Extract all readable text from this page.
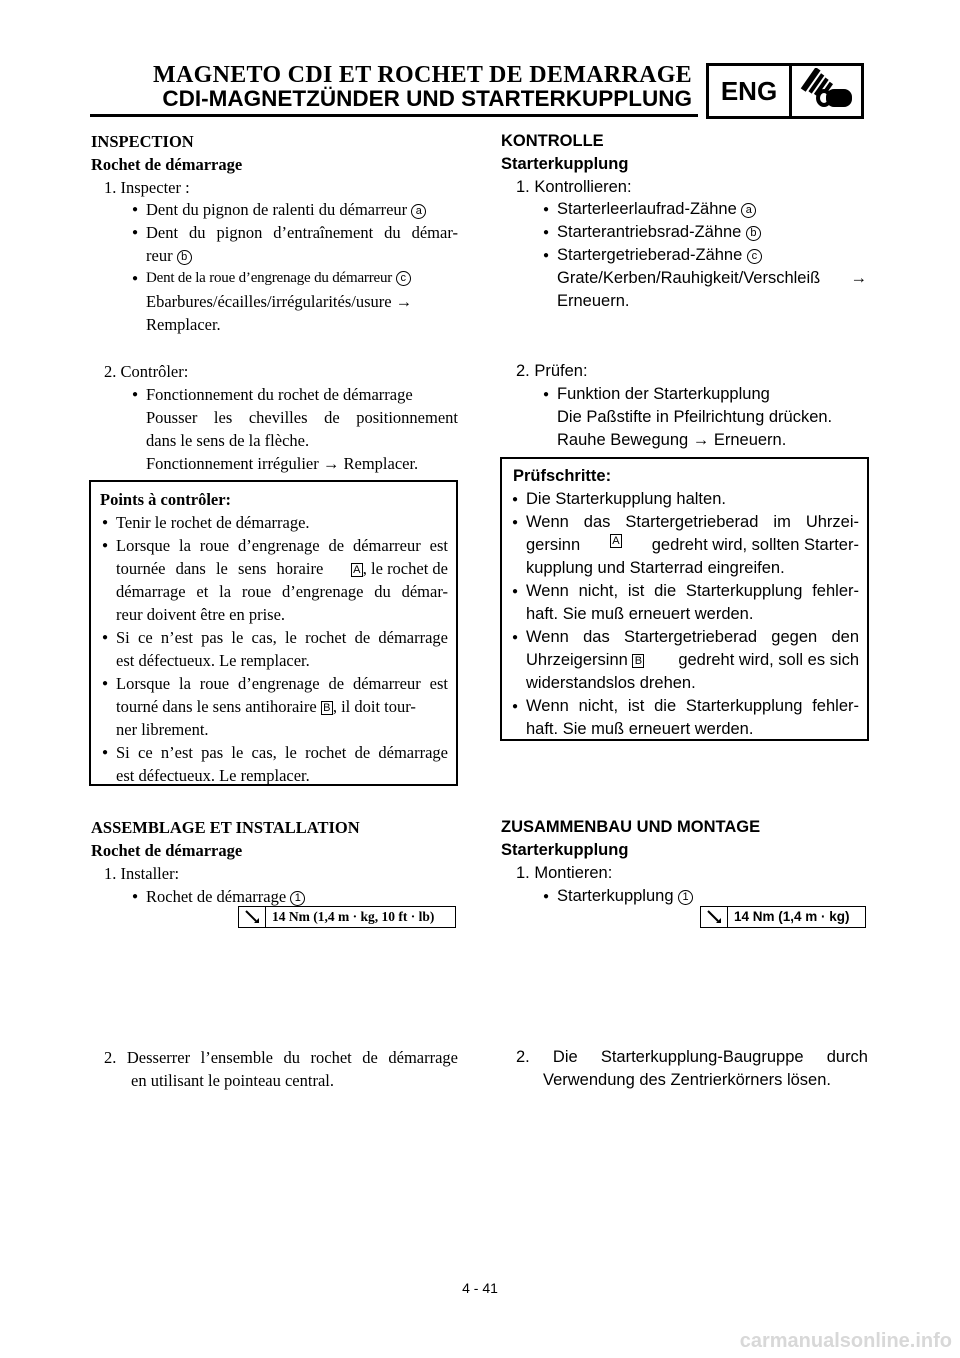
MAGNETO CDI ET ROCHET DE DEMARRAGE
CDI-MAGNETZÜNDER UND STARTERKUPPLUNG	ENG
INSPECTION
Rochet de démarrage
1. Inspecter :
● Dent du pignon de ralenti du démarreur a
● Dent du pignon d’entraînement du démar-
reur b
● Dent de la roue d’engrenage du démarreur c
Ebarbures/écailles/irrégularités/usure →
Remplacer.
2. Contrôler:
● Fonctionnement du rochet de démarrage
Pousser les chevilles de positionnement
dans le sens de la flèche.
Fonctionnement irrégulier → Remplacer.
Points à contrôler:
● Tenir le rochet de démarrage.
● Lorsque la roue d’engrenage de démarreur est
tournée dans le sens horaire	A , le rochet de
démarrage et la roue d’engrenage du démar-
reur doivent être en prise.
● Si ce n’est pas le cas, le rochet de démarrage
est défectueux. Le remplacer.
● Lorsque la roue d’engrenage de démarreur est
tourné dans le sens antihoraire B , il doit tour-
ner librement.
● Si ce n’est pas le cas, le rochet de démarrage
est défectueux. Le remplacer.
ASSEMBLAGE ET INSTALLATION
Rochet de démarrage
1. Installer:
● Rochet de démarrage 1
14 Nm (1,4 m · kg, 10 ft · lb)
2. Desserrer l’ensemble du rochet de démarrage
en utilisant le pointeau central.
KONTROLLE
Starterkupplung
1. Kontrollieren:
● Starterleerlaufrad-Zähne a
● Starterantriebsrad-Zähne b
● Startergetrieberad-Zähne c
Grate/Kerben/Rauhigkeit/Verschleiß →
Erneuern.
2. Prüfen:
● Funktion der Starterkupplung
Die Paßstifte in Pfeilrichtung drücken.
Rauhe Bewegung → Erneuern.
Prüfschritte:
● Die Starterkupplung halten.
● Wenn das Startergetrieberad im Uhrzei-
gersinn	A gedreht wird, sollten Starter-
kupplung und Starterrad eingreifen.
● Wenn nicht, ist die Starterkupplung fehler-
haft. Sie muß erneuert werden.
● Wenn das Startergetrieberad gegen den
Uhrzeigersinn B gedreht wird, soll es sich
widerstandslos drehen.
● Wenn nicht, ist die Starterkupplung fehler-
haft. Sie muß erneuert werden.
ZUSAMMENBAU UND MONTAGE
Starterkupplung
1. Montieren:
● Starterkupplung 1
14 Nm (1,4 m · kg)
2. Die Starterkupplung-Baugruppe durch
Verwendung des Zentrierkörners lösen.
4 - 41
carmanualsonline.info
